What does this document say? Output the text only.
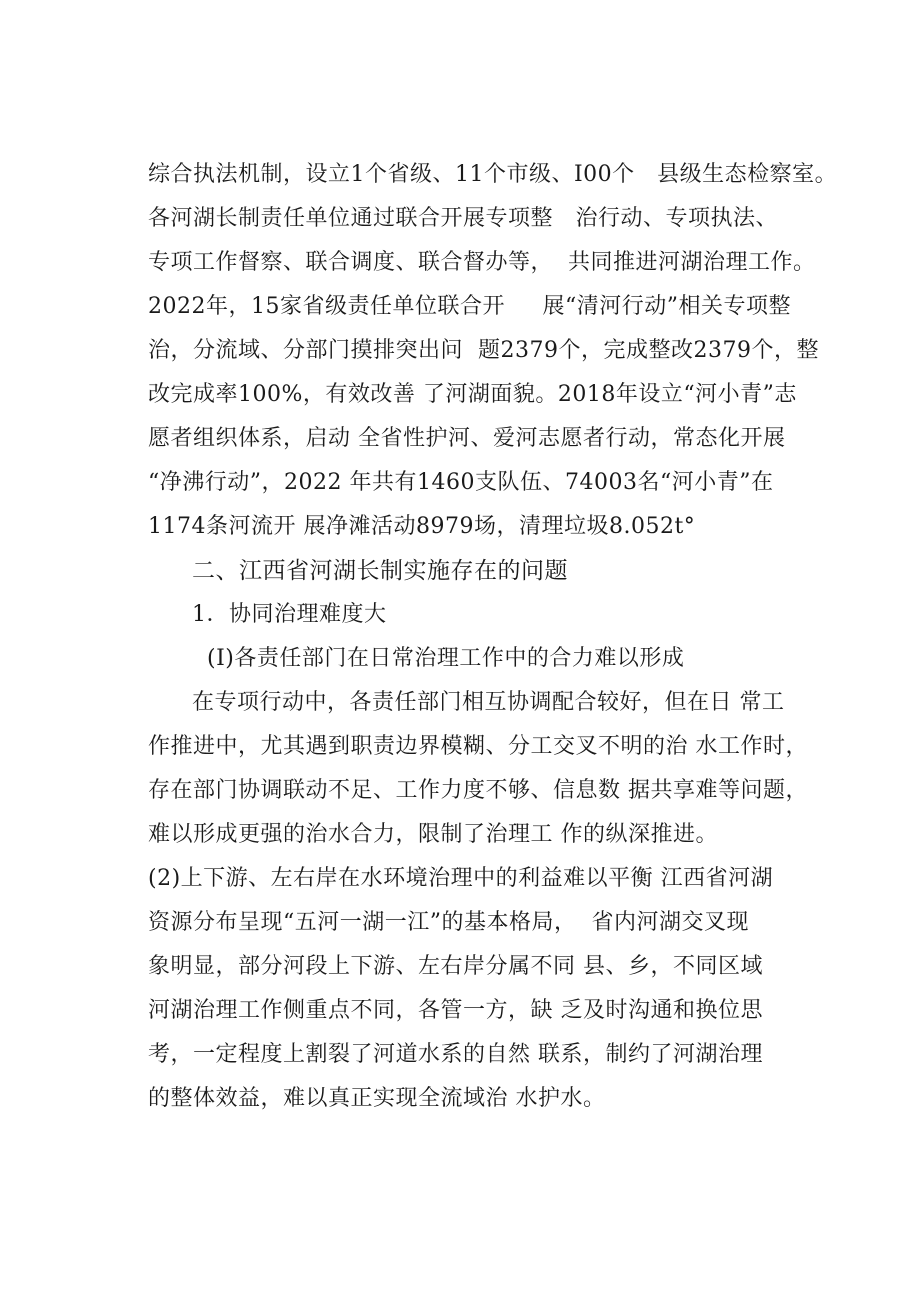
综合执法机制，设立1个省级、11个市级、I00个   县级生态检察室。
各河湖长制责任单位通过联合开展专项整   治行动、专项执法、
专项工作督察、联合调度、联合督办等，  共同推进河湖治理工作。
2022年，15家省级责任单位联合开     展“清河行动”相关专项整
治，分流域、分部门摸排突出问  题2379个，完成整改2379个，整
改完成率100%，有效改善 了河湖面貌。2018年设立“河小青”志
愿者组织体系，启动 全省性护河、爱河志愿者行动，常态化开展
“净沸行动”，2022 年共有1460支队伍、74003名“河小青”在
1174条河流开 展净滩活动8979场，清理垃圾8.052t°
二、江西省河湖长制实施存在的问题
1．协同治理难度大
(I)各责任部门在日常治理工作中的合力难以形成
在专项行动中，各责任部门相互协调配合较好，但在日 常工
作推进中，尤其遇到职责边界模糊、分工交叉不明的治 水工作时，
存在部门协调联动不足、工作力度不够、信息数 据共享难等问题，
难以形成更强的治水合力，限制了治理工 作的纵深推进。
(2)上下游、左右岸在水环境治理中的利益难以平衡 江西省河湖
资源分布呈现“五河一湖一江”的基本格局，  省内河湖交叉现
象明显，部分河段上下游、左右岸分属不同 县、乡，不同区域
河湖治理工作侧重点不同，各管一方，缺 乏及时沟通和换位思
考，一定程度上割裂了河道水系的自然 联系，制约了河湖治理
的整体效益，难以真正实现全流域治 水护水。
